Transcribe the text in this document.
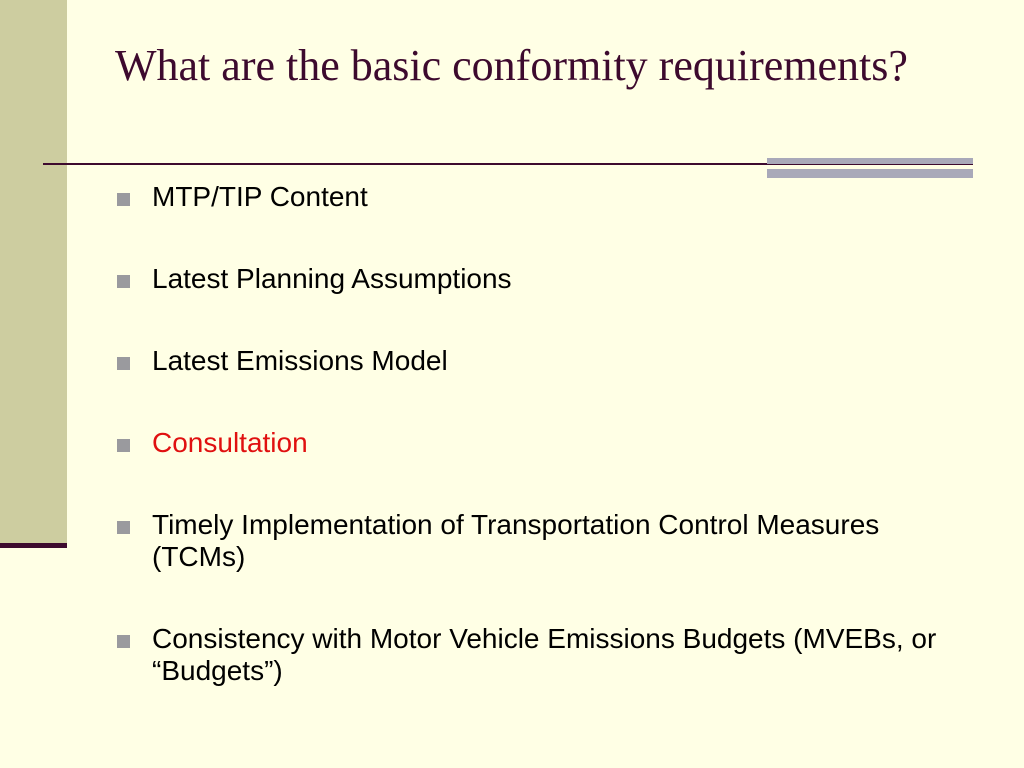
What are the basic conformity requirements?
MTP/TIP Content
Latest Planning Assumptions
Latest Emissions Model
Consultation
Timely Implementation of Transportation Control Measures (TCMs)
Consistency with Motor Vehicle Emissions Budgets (MVEBs, or “Budgets”)
